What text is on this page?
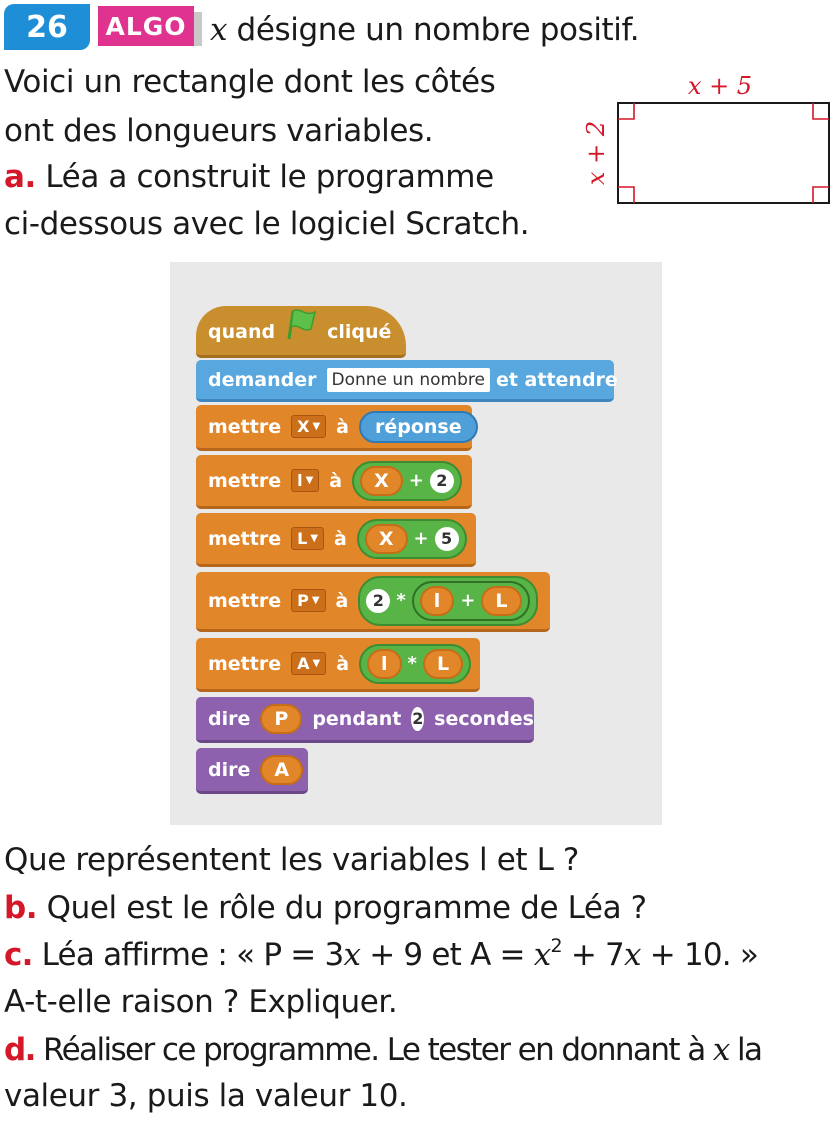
26	ALGO x désigne un nombre positif.
Voici un rectangle dont les côtés
ont des longueurs variables.
a. Léa a construit le programme
ci-dessous avec le logiciel Scratch.
x + 5
x + 2
quand	cliqué
demander Donne un nombre et attendre
mettre X ▼ à	réponse
mettre l ▼ à	X	+ 2
mettre L ▼ à	X	+ 5
mettre P ▼ à	2 *	l	+	L
mettre A ▼ à	l	*	L
dire	P	pendant 2 secondes
dire	A
Que représentent les variables l et L ?
b. Quel est le rôle du programme de Léa ?
c. Léa affirme : « P = 3x + 9 et $A = x^2 + 7x + 10$. »
A-t-elle raison ? Expliquer.
d. Réaliser ce programme. Le tester en donnant à x la
valeur 3, puis la valeur 10.
